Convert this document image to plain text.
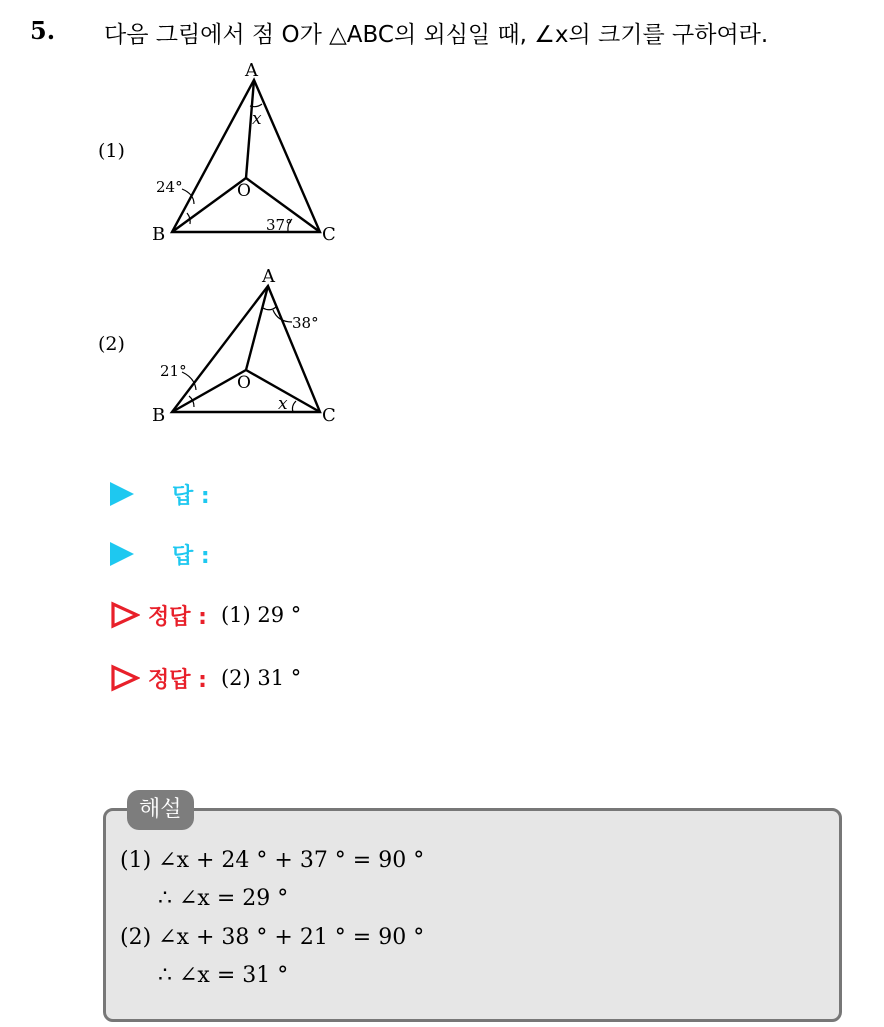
5. 다음 그림에서 점 O가 △ABC의 외심일 때, ∠x의 크기를 구하여라.
(1)
A
B	C
O
x
24°
37°
(2)
A
B	C
O
x
21°
38°
답 :
답 :
정답 : (1) 29 °
정답 : (2) 31 °
해설
(1) ∠x + 24 ° + 37 ° = 90 °
∴ ∠x = 29 °
(2) ∠x + 38 ° + 21 ° = 90 °
∴ ∠x = 31 °
